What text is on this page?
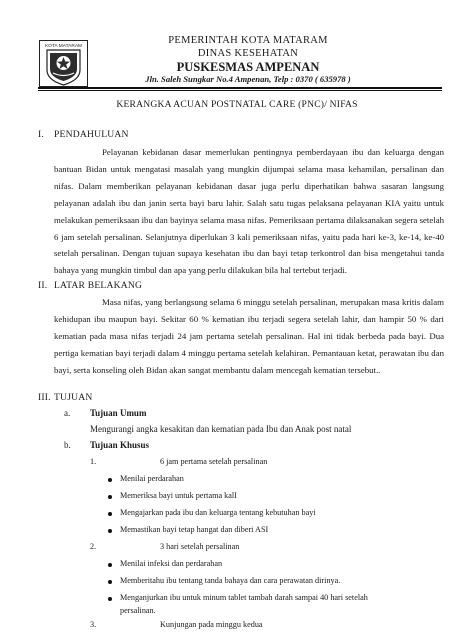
KOTA MATARAM
PEMERINTAH KOTA MATARAM
DINAS KESEHATAN
PUSKESMAS AMPENAN
Jln. Saleh Sungkar No.4 Ampenan, Telp : 0370 ( 635978 )
KERANGKA ACUAN POSTNATAL CARE (PNC)/ NIFAS
I. PENDAHULUAN

Pelayanan kebidanan dasar memerlukan pentingnya pemberdayaan ibu dan keluarga dengan bantuan Bidan untuk mengatasi masalah yang mungkin dijumpai selama masa kehamilan, persalinan dan nifas. Dalam memberikan pelayanan kebidanan dasar juga perlu diperhatikan bahwa sasaran langsung pelayanan adalah ibu dan janin serta bayi baru lahir. Salah satu tugas pelaksana pelayanan KIA yaitu untuk melakukan pemeriksaan ibu dan bayinya selama masa nifas. Pemeriksaan pertama dilaksanakan segera setelah 6 jam setelah persalinan. Selanjutnya diperlukan 3 kali pemeriksaan nifas, yaitu pada hari ke-3, ke-14, ke-40 setelah persalinan. Dengan tujuan supaya kesehatan ibu dan bayi tetap terkontrol dan bisa mengetahui tanda bahaya yang mungkin timbul dan apa yang perlu dilakukan bila hal tertebut terjadi.

II. LATAR BELAKANG

Masa nifas, yang berlangsung selama 6 minggu setelah persalinan, merupakan masa kritis dalam kehidupan ibu maupun bayi. Sekitar 60 % kematian ibu terjadi segera setelah lahir, dan hampir 50 % dari kematian pada masa nifas terjadi 24 jam pertama setelah persalinan. Hal ini tidak berbeda pada bayi. Dua pertiga kematian bayi terjadi dalam 4 minggu pertama setelah kelahiran. Pemantauan ketat, perawatan ibu dan bayi, serta konseling oleh Bidan akan sangat membantu dalam mencegah kematian tersebut..

III. TUJUAN
a. Tujuan Umum
Mengurangi angka kesakitan dan kematian pada Ibu dan Anak post natal
b. Tujuan Khusus
1.	6 jam pertama setelah persalinan
Menilai perdarahan
Memeriksa bayi untuk pertama kalI
Mengajarkan pada ibu dan keluarga tentang kebutuhan bayi
Memastikan bayi tetap hangat dan diberi ASI
2.	3 hari setelah persalinan
Menilai infeksi dan perdarahan
Memberitahu ibu tentang tanda bahaya dan cara perawatan dirinya.
Menganjurkan ibu untuk minum tablet tambah darah sampai 40 hari setelah
persalinan.
3.	Kunjungan pada minggu kedua
